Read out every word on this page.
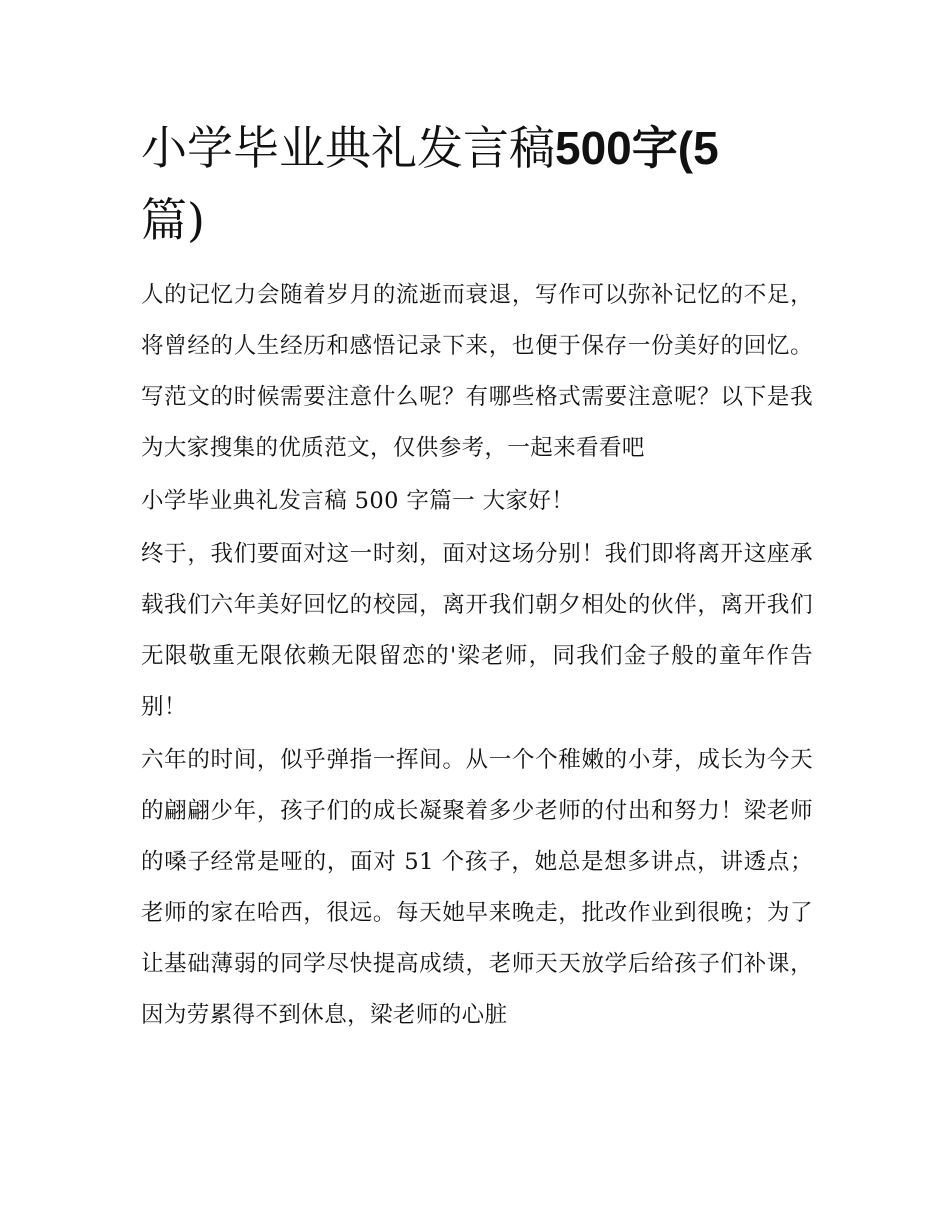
小学毕业典礼发言稿500字(5
篇)

人的记忆力会随着岁月的流逝而衰退，写作可以弥补记忆的不足，将曾经的人生经历和感悟记录下来，也便于保存一份美好的回忆。写范文的时候需要注意什么呢？有哪些格式需要注意呢？以下是我为大家搜集的优质范文，仅供参考，一起来看看吧

小学毕业典礼发言稿 500 字篇一 大家好！

终于，我们要面对这一时刻，面对这场分别！我们即将离开这座承载我们六年美好回忆的校园，离开我们朝夕相处的伙伴，离开我们无限敬重无限依赖无限留恋的'梁老师，同我们金子般的童年作告别！

六年的时间，似乎弹指一挥间。从一个个稚嫩的小芽，成长为今天的翩翩少年，孩子们的成长凝聚着多少老师的付出和努力！梁老师的嗓子经常是哑的，面对 51 个孩子，她总是想多讲点，讲透点；老师的家在哈西，很远。每天她早来晚走，批改作业到很晚；为了让基础薄弱的同学尽快提高成绩，老师天天放学后给孩子们补课，因为劳累得不到休息，梁老师的心脏
